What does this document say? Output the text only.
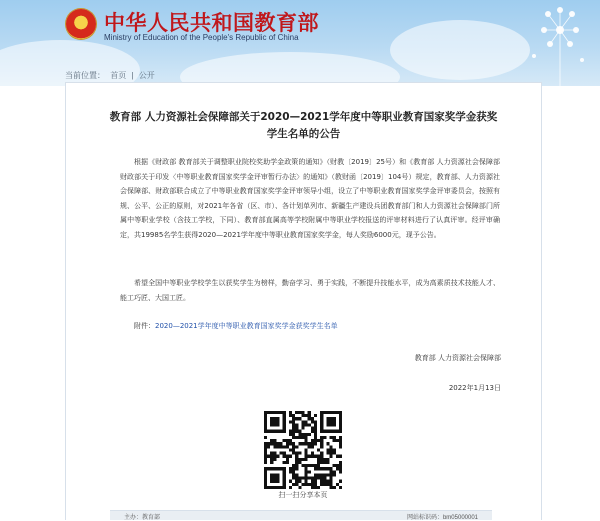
中华人民共和国教育部
Ministry of Education of the People's Republic of China
当前位置： 首页 | 公开
教育部 人力资源社会保障部关于2020—2021学年度中等职业教育国家奖学金获奖学生名单的公告
根据《财政部 教育部关于调整职业院校奖助学金政策的通知》（财教〔2019〕25号）和《教育部 人力资源社会保障部 财政部关于印发〈中等职业教育国家奖学金评审暂行办法〉的通知》（教财函〔2019〕104号）规定，教育部、人力资源社会保障部、财政部联合成立了中等职业教育国家奖学金评审领导小组，设立了中等职业教育国家奖学金评审委员会，按照有规、公平、公正的原则，对2021年各省（区、市）、各计划单列市、新疆生产建设兵团教育部门和人力资源社会保障部门所属中等职业学校（含技工学校，下同）、教育部直属高等学校附属中等职业学校报送的评审材料进行了认真评审。经评审确定，共19985名学生获得2020—2021学年度中等职业教育国家奖学金，每人奖励6000元，现予公告。
希望全国中等职业学校学生以获奖学生为榜样，勤奋学习、勇于实践，不断提升技能水平，成为高素质技术技能人才、能工巧匠、大国工匠。
附件：2020—2021学年度中等职业教育国家奖学金获奖学生名单
教育部 人力资源社会保障部
2022年1月13日
扫一扫分享本页
主办：教育部	网站标识码：bm05000001
